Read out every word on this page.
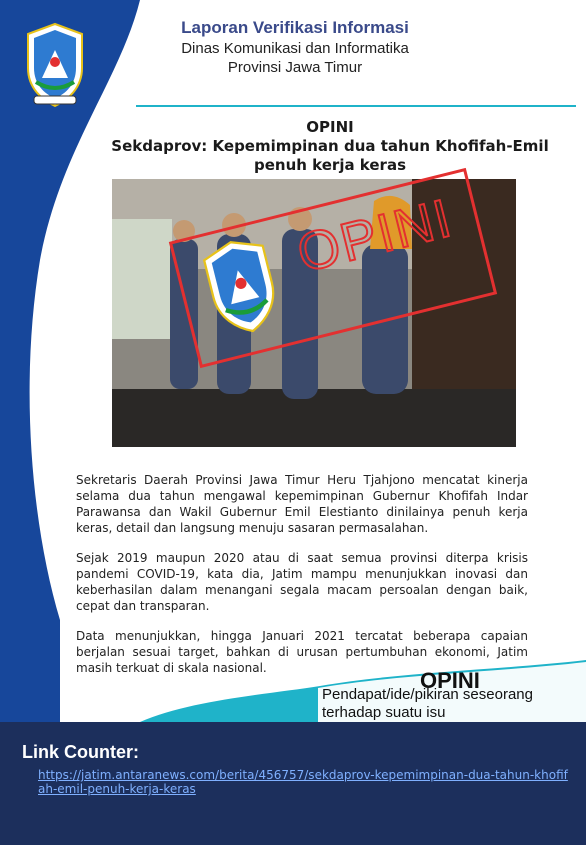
Laporan Verifikasi Informasi
Dinas Komunikasi dan Informatika
Provinsi Jawa Timur
OPINI
Sekdaprov: Kepemimpinan dua tahun Khofifah-Emil penuh kerja keras
OPINI

Sekretaris Daerah Provinsi Jawa Timur Heru Tjahjono mencatat kinerja selama dua tahun mengawal kepemimpinan Gubernur Khofifah Indar Parawansa dan Wakil Gubernur Emil Elestianto dinilainya penuh kerja keras, detail dan langsung menuju sasaran permasalahan.

Sejak 2019 maupun 2020 atau di saat semua provinsi diterpa krisis pandemi COVID-19, kata dia, Jatim mampu menunjukkan inovasi dan keberhasilan dalam menangani segala macam persoalan dengan baik, cepat dan transparan.

Data menunjukkan, hingga Januari 2021 tercatat beberapa capaian berjalan sesuai target, bahkan di urusan pertumbuhan ekonomi, Jatim masih terkuat di skala nasional.	OPINI
Pendapat/ide/pikiran seseorang terhadap suatu isu
Link Counter:
https://jatim.antaranews.com/berita/456757/sekdaprov-kepemimpinan-dua-tahun-khofifah-emil-penuh-kerja-keras
